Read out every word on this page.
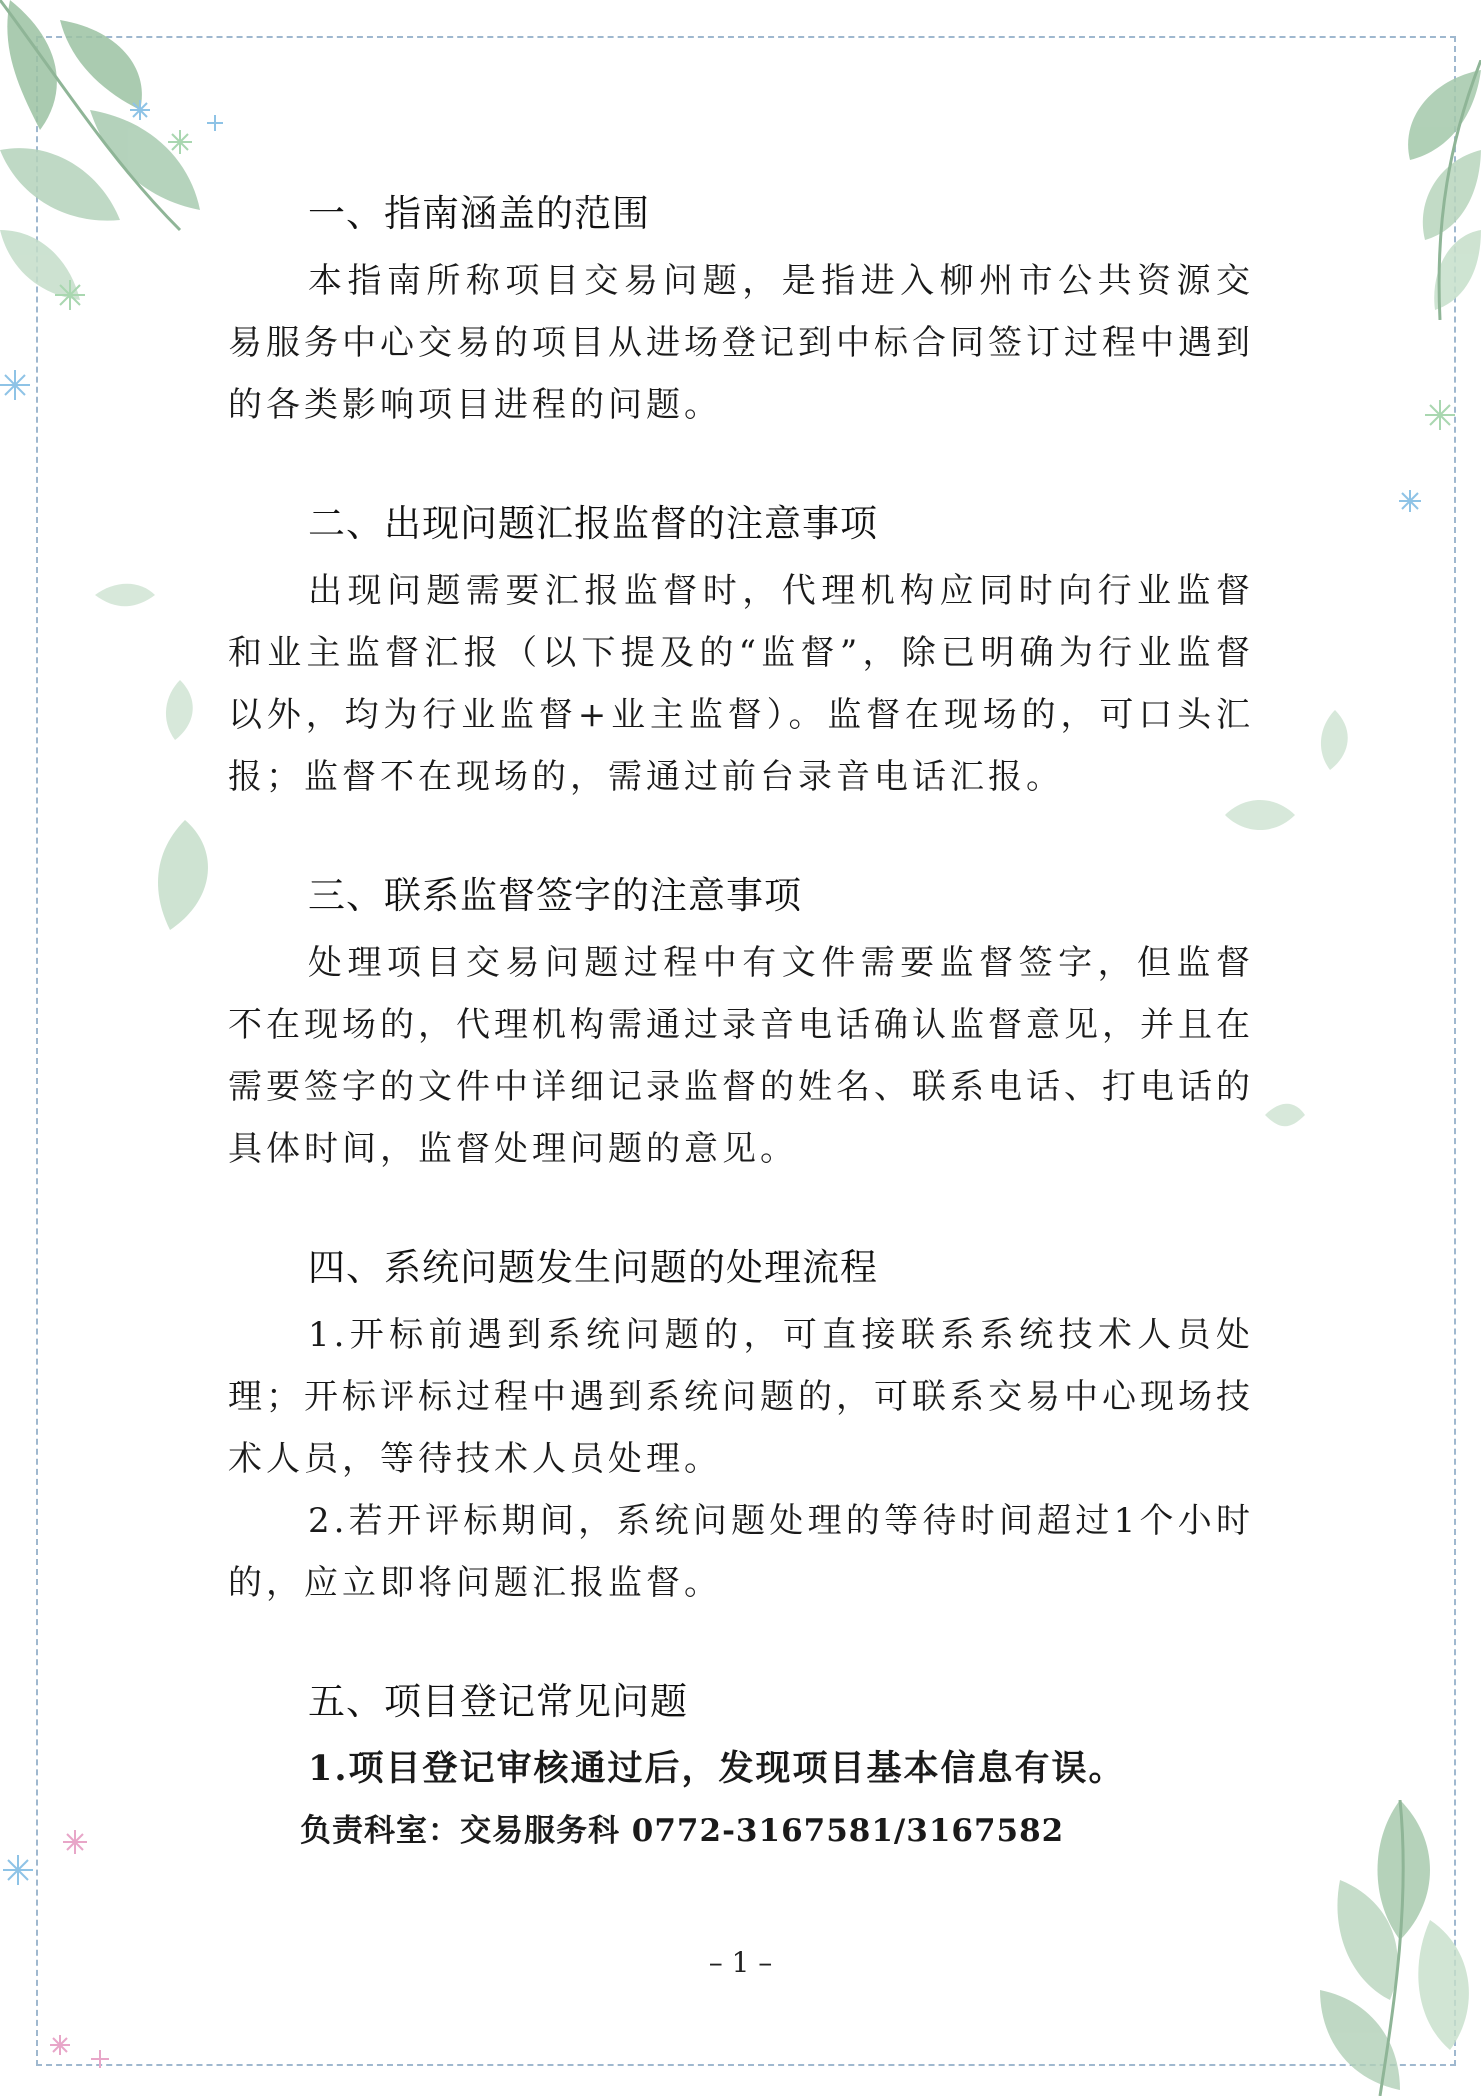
一、指南涵盖的范围

本指南所称项目交易问题，是指进入柳州市公共资源交易服务中心交易的项目从进场登记到中标合同签订过程中遇到的各类影响项目进程的问题。

二、出现问题汇报监督的注意事项

出现问题需要汇报监督时，代理机构应同时向行业监督和业主监督汇报（以下提及的“监督”，除已明确为行业监督以外，均为行业监督+业主监督）。监督在现场的，可口头汇报；监督不在现场的，需通过前台录音电话汇报。

三、联系监督签字的注意事项

处理项目交易问题过程中有文件需要监督签字，但监督不在现场的，代理机构需通过录音电话确认监督意见，并且在需要签字的文件中详细记录监督的姓名、联系电话、打电话的具体时间，监督处理问题的意见。

四、系统问题发生问题的处理流程

1.开标前遇到系统问题的，可直接联系系统技术人员处理；开标评标过程中遇到系统问题的，可联系交易中心现场技术人员，等待技术人员处理。

2.若开评标期间，系统问题处理的等待时间超过1个小时的，应立即将问题汇报监督。

五、项目登记常见问题

1.项目登记审核通过后，发现项目基本信息有误。

负责科室：交易服务科 0772-3167581/3167582

– 1 –
